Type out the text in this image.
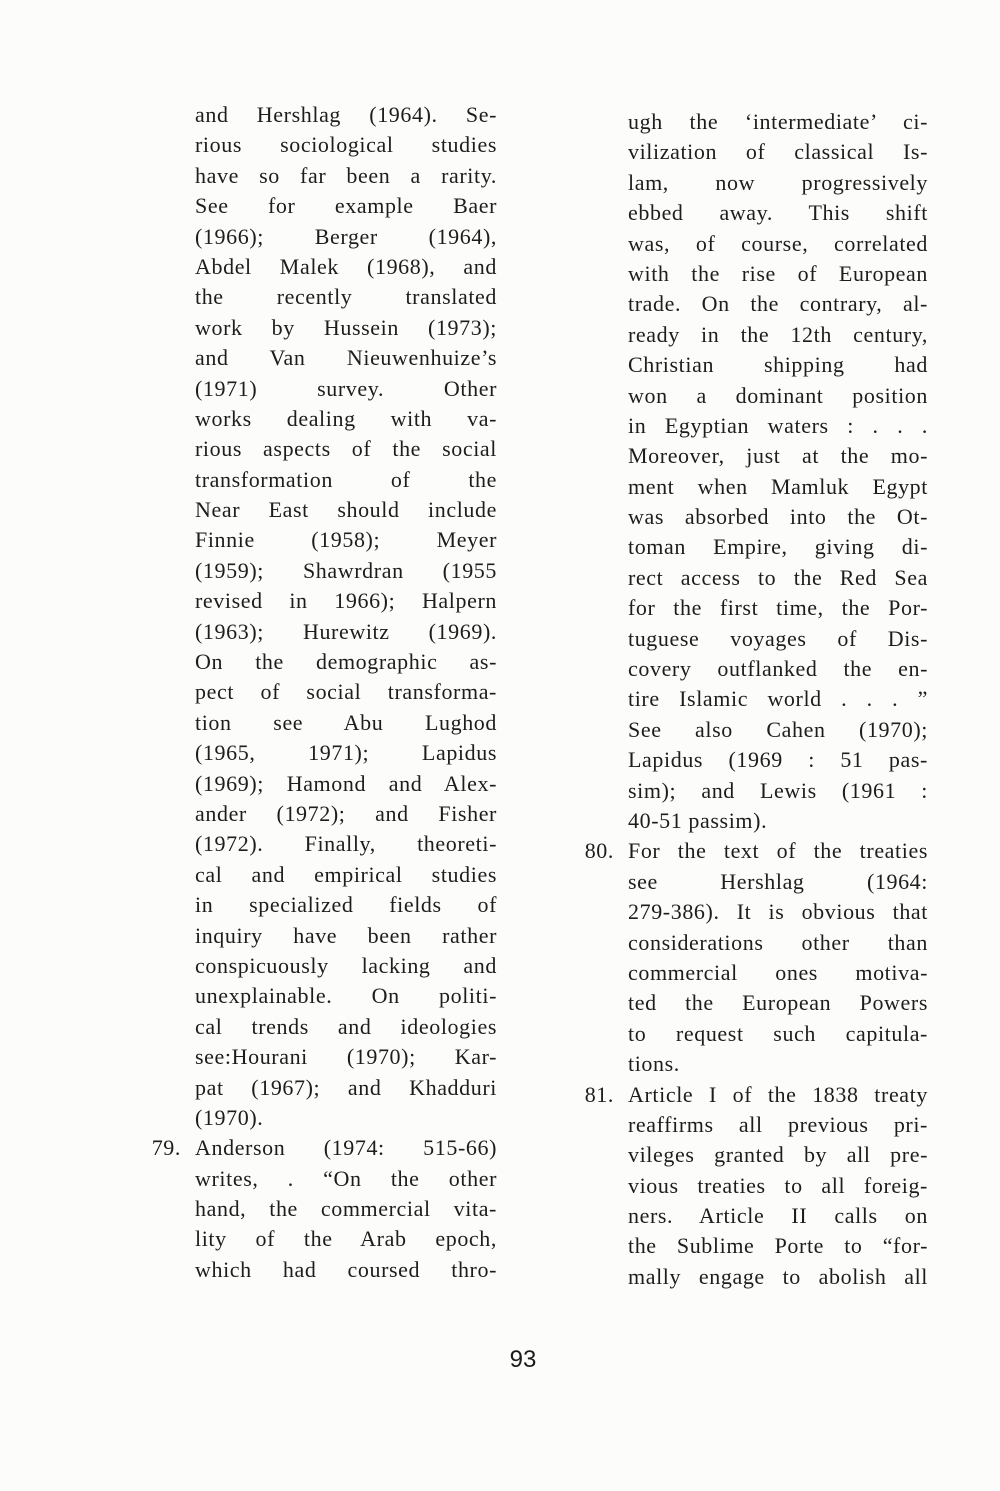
and Hershlag (1964). Se-
rious sociological studies
have so far been a rarity.
See for example Baer
(1966); Berger (1964),
Abdel Malek (1968), and
the recently translated
work by Hussein (1973);
and Van Nieuwenhuize’s
(1971) survey. Other
works dealing with va-
rious aspects of the social
transformation of the
Near East should include
Finnie (1958); Meyer
(1959); Shawrdran (1955
revised in 1966); Halpern
(1963); Hurewitz (1969).
On the demographic as-
pect of social transforma-
tion see Abu Lughod
(1965, 1971); Lapidus
(1969); Hamond and Alex-
ander (1972); and Fisher
(1972). Finally, theoreti-
cal and empirical studies
in specialized fields of
inquiry have been rather
conspicuously lacking and
unexplainable. On politi-
cal trends and ideologies
see:Hourani (1970); Kar-
pat (1967); and Khadduri
(1970).
79. Anderson (1974: 515-66)
writes, . “On the other
hand, the commercial vita-
lity of the Arab epoch,
which had coursed thro-
ugh the ‘intermediate’ ci-
vilization of classical Is-
lam, now progressively
ebbed away. This shift
was, of course, correlated
with the rise of European
trade. On the contrary, al-
ready in the 12th century,
Christian shipping had
won a dominant position
in Egyptian waters : . . .
Moreover, just at the mo-
ment when Mamluk Egypt
was absorbed into the Ot-
toman Empire, giving di-
rect access to the Red Sea
for the first time, the Por-
tuguese voyages of Dis-
covery outflanked the en-
tire Islamic world . . . ”
See also Cahen (1970);
Lapidus (1969 : 51 pas-
sim); and Lewis (1961 :
40-51 passim).
80. For the text of the treaties
see Hershlag (1964:
279-386). It is obvious that
considerations other than
commercial ones motiva-
ted the European Powers
to request such capitula-
tions.
81. Article I of the 1838 treaty
reaffirms all previous pri-
vileges granted by all pre-
vious treaties to all foreig-
ners. Article II calls on
the Sublime Porte to “for-
mally engage to abolish all
93
